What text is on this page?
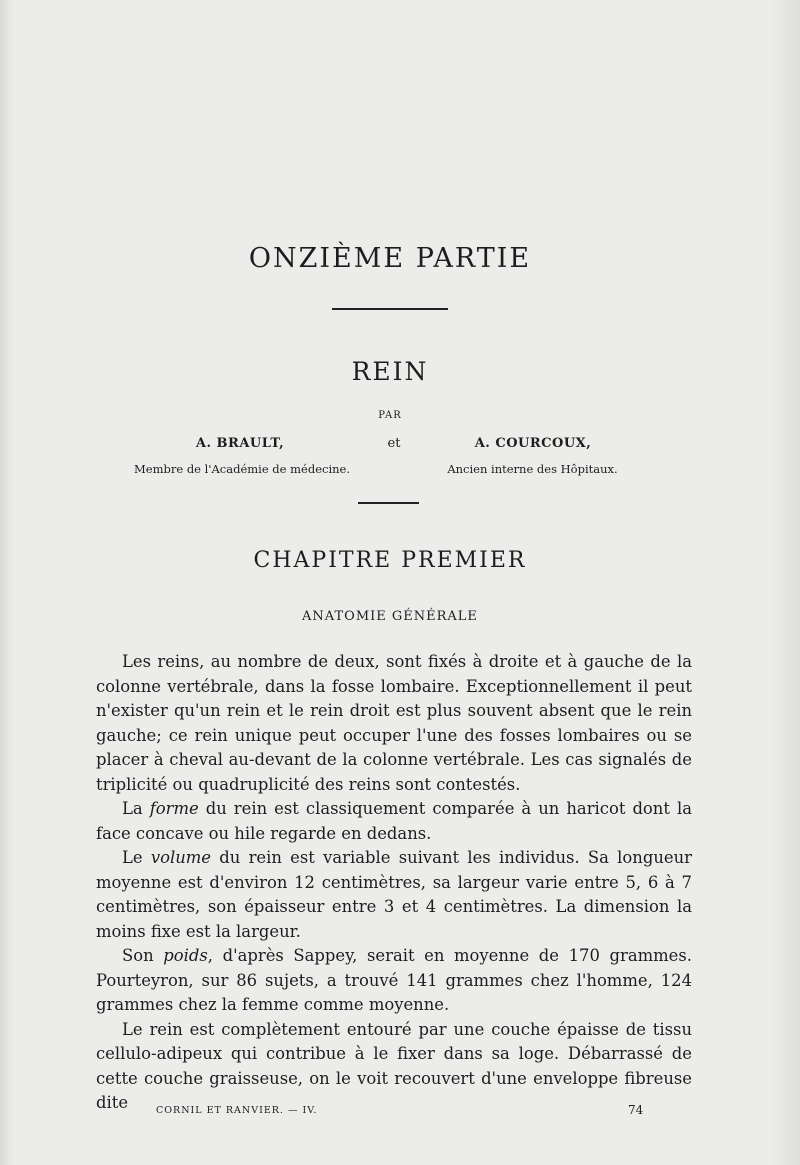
ONZIÈME PARTIE
REIN
PAR
A. BRAULT,	et	A. COURCOUX,
Membre de l'Académie de médecine.	Ancien interne des Hôpitaux.
CHAPITRE PREMIER
ANATOMIE GÉNÉRALE

Les reins, au nombre de deux, sont fixés à droite et à gauche de la colonne vertébrale, dans la fosse lombaire. Exceptionnellement il peut n'exister qu'un rein et le rein droit est plus souvent absent que le rein gauche; ce rein unique peut occuper l'une des fosses lombaires ou se placer à cheval au-devant de la colonne vertébrale. Les cas signalés de triplicité ou quadruplicité des reins sont contestés.

La forme du rein est classiquement comparée à un haricot dont la face concave ou hile regarde en dedans.

Le volume du rein est variable suivant les individus. Sa longueur moyenne est d'environ 12 centimètres, sa largeur varie entre 5, 6 à 7 centimètres, son épaisseur entre 3 et 4 centimètres. La dimension la moins fixe est la largeur.

Son poids, d'après Sappey, serait en moyenne de 170 grammes. Pourteyron, sur 86 sujets, a trouvé 141 grammes chez l'homme, 124 grammes chez la femme comme moyenne.

Le rein est complètement entouré par une couche épaisse de tissu cellulo-adipeux qui contribue à le fixer dans sa loge. Débarrassé de cette couche graisseuse, on le voit recouvert d'une enveloppe fibreuse dite	CORNIL ET RANVIER. — IV.	74
